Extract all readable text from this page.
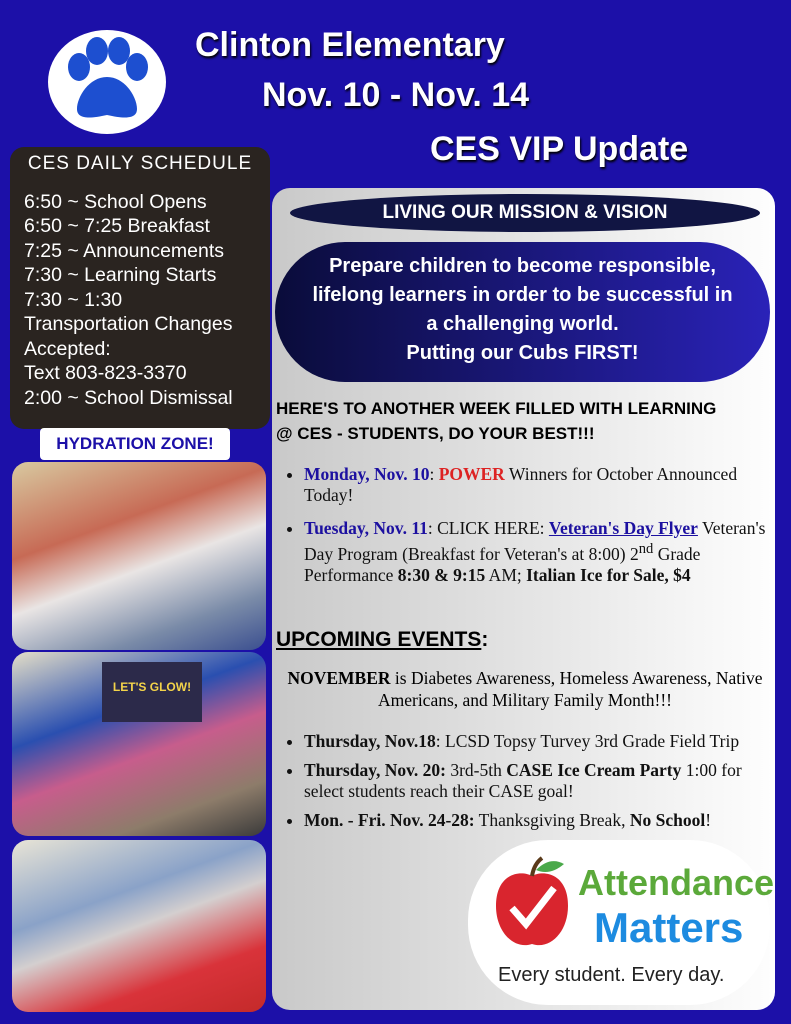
Clinton Elementary
Nov. 10 - Nov. 14
CES VIP Update
CES DAILY SCHEDULE
6:50 ~ School Opens
6:50 ~ 7:25 Breakfast
7:25 ~ Announcements
7:30 ~ Learning Starts
7:30 ~ 1:30
Transportation Changes
Accepted:
Text 803-823-3370
2:00 ~ School Dismissal
HYDRATION ZONE!
LET'S GLOW!
LIVING OUR MISSION & VISION
Prepare children to become responsible,
lifelong learners in order to be successful in
a challenging world.
Putting our Cubs FIRST!
HERE'S TO ANOTHER WEEK FILLED WITH LEARNING
@ CES - STUDENTS, DO YOUR BEST!!!
• Monday, Nov. 10: POWER Winners for October Announced Today!
• Tuesday, Nov. 11: CLICK HERE: Veteran's Day Flyer Veteran's Day Program (Breakfast for Veteran's at 8:00) 2nd Grade Performance 8:30 & 9:15 AM; Italian Ice for Sale, $4
UPCOMING EVENTS:
NOVEMBER is Diabetes Awareness, Homeless Awareness, Native Americans, and Military Family Month!!!
• Thursday, Nov.18: LCSD Topsy Turvey 3rd Grade Field Trip
• Thursday, Nov. 20: 3rd-5th CASE Ice Cream Party 1:00 for select students reach their CASE goal!
• Mon. - Fri. Nov. 24-28: Thanksgiving Break, No School!
Attendance
Matters
Every student. Every day.
